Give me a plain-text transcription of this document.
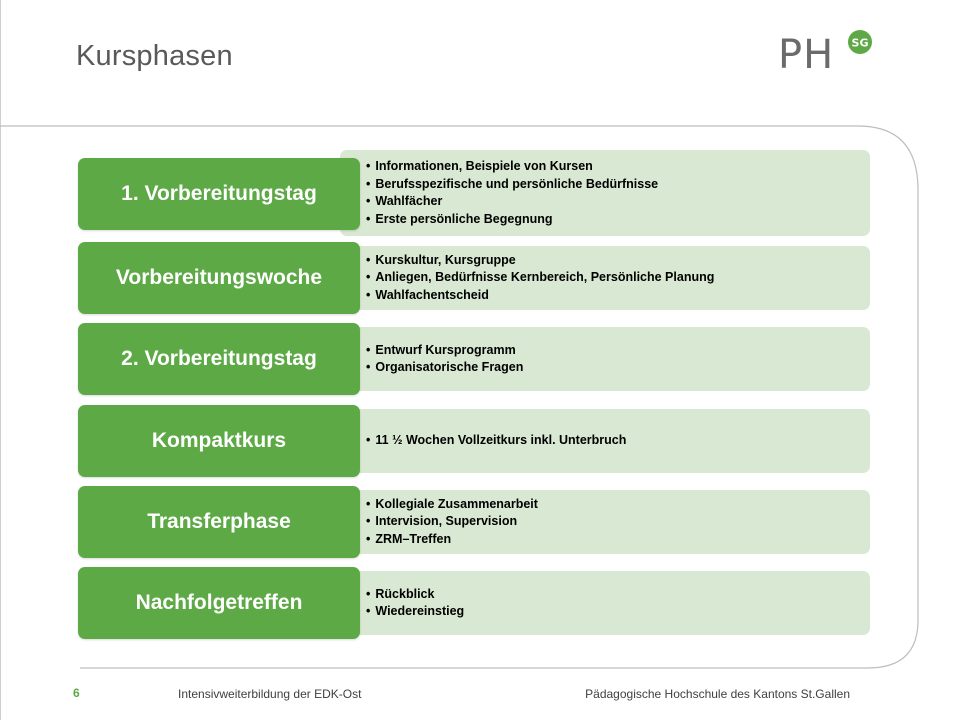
Kursphasen	PH SG
• Informationen, Beispiele von Kursen
• Berufsspezifische und persönliche Bedürfnisse
• Wahlfächer
• Erste persönliche Begegnung
1. Vorbereitungstag
• Kurskultur, Kursgruppe
• Anliegen, Bedürfnisse Kernbereich, Persönliche Planung
• Wahlfachentscheid
Vorbereitungswoche
• Entwurf Kursprogramm
• Organisatorische Fragen
2. Vorbereitungstag
• 11 ½ Wochen Vollzeitkurs inkl. Unterbruch
Kompaktkurs
• Kollegiale Zusammenarbeit
• Intervision, Supervision
• ZRM–Treffen
Transferphase
• Rückblick
• Wiedereinstieg
Nachfolgetreffen
6	Intensivweiterbildung der EDK-Ost	Pädagogische Hochschule des Kantons St.Gallen
